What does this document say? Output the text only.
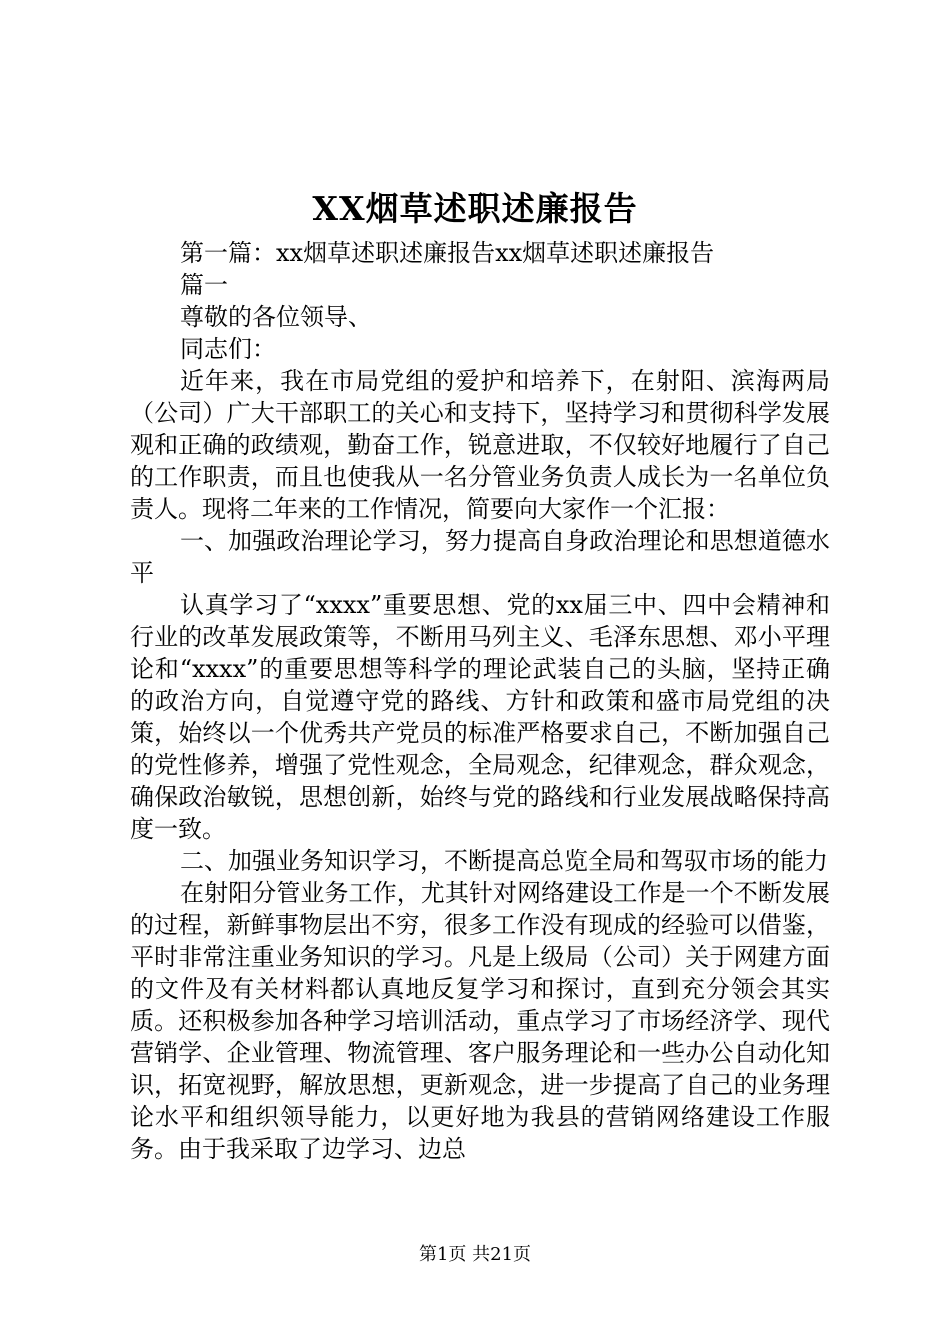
XX烟草述职述廉报告

第一篇：xx烟草述职述廉报告xx烟草述职述廉报告

篇一

尊敬的各位领导、

同志们：

近年来，我在市局党组的爱护和培养下，在射阳、滨海两局（公司）广大干部职工的关心和支持下，坚持学习和贯彻科学发展观和正确的政绩观，勤奋工作，锐意进取，不仅较好地履行了自己的工作职责，而且也使我从一名分管业务负责人成长为一名单位负责人。现将二年来的工作情况，简要向大家作一个汇报：

一、加强政治理论学习，努力提高自身政治理论和思想道德水平

认真学习了“xxxx”重要思想、党的xx届三中、四中会精神和行业的改革发展政策等，不断用马列主义、毛泽东思想、邓小平理论和“xxxx”的重要思想等科学的理论武装自己的头脑，坚持正确的政治方向，自觉遵守党的路线、方针和政策和盛市局党组的决策，始终以一个优秀共产党员的标准严格要求自己，不断加强自己的党性修养，增强了党性观念，全局观念，纪律观念，群众观念，确保政治敏锐，思想创新，始终与党的路线和行业发展战略保持高度一致。

二、加强业务知识学习，不断提高总览全局和驾驭市场的能力

在射阳分管业务工作，尤其针对网络建设工作是一个不断发展的过程，新鲜事物层出不穷，很多工作没有现成的经验可以借鉴，平时非常注重业务知识的学习。凡是上级局（公司）关于网建方面的文件及有关材料都认真地反复学习和探讨，直到充分领会其实质。还积极参加各种学习培训活动，重点学习了市场经济学、现代营销学、企业管理、物流管理、客户服务理论和一些办公自动化知识，拓宽视野，解放思想，更新观念，进一步提高了自己的业务理论水平和组织领导能力，以更好地为我县的营销网络建设工作服务。由于我采取了边学习、边总

第1页 共21页
